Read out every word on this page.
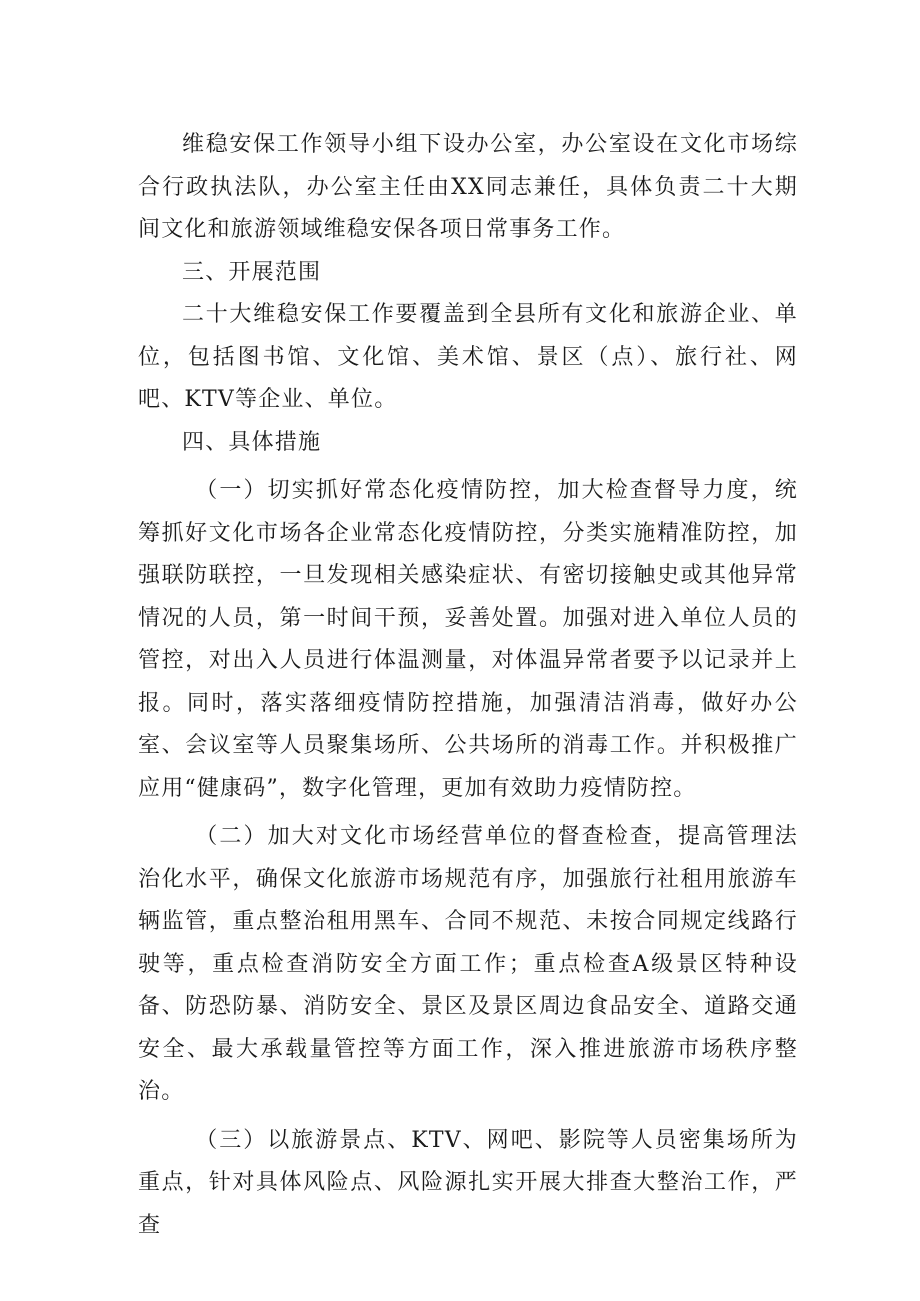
维稳安保工作领导小组下设办公室，办公室设在文化市场综合行政执法队，办公室主任由XX同志兼任，具体负责二十大期间文化和旅游领域维稳安保各项日常事务工作。

三、开展范围

二十大维稳安保工作要覆盖到全县所有文化和旅游企业、单位，包括图书馆、文化馆、美术馆、景区（点）、旅行社、网吧、KTV等企业、单位。

四、具体措施

（一）切实抓好常态化疫情防控，加大检查督导力度，统筹抓好文化市场各企业常态化疫情防控，分类实施精准防控，加强联防联控，一旦发现相关感染症状、有密切接触史或其他异常情况的人员，第一时间干预，妥善处置。加强对进入单位人员的管控，对出入人员进行体温测量，对体温异常者要予以记录并上报。同时，落实落细疫情防控措施，加强清洁消毒，做好办公室、会议室等人员聚集场所、公共场所的消毒工作。并积极推广应用“健康码”，数字化管理，更加有效助力疫情防控。

（二）加大对文化市场经营单位的督查检查，提高管理法治化水平，确保文化旅游市场规范有序，加强旅行社租用旅游车辆监管，重点整治租用黑车、合同不规范、未按合同规定线路行驶等，重点检查消防安全方面工作；重点检查A级景区特种设备、防恐防暴、消防安全、景区及景区周边食品安全、道路交通安全、最大承载量管控等方面工作，深入推进旅游市场秩序整治。

（三）以旅游景点、KTV、网吧、影院等人员密集场所为重点，针对具体风险点、风险源扎实开展大排查大整治工作，严查
